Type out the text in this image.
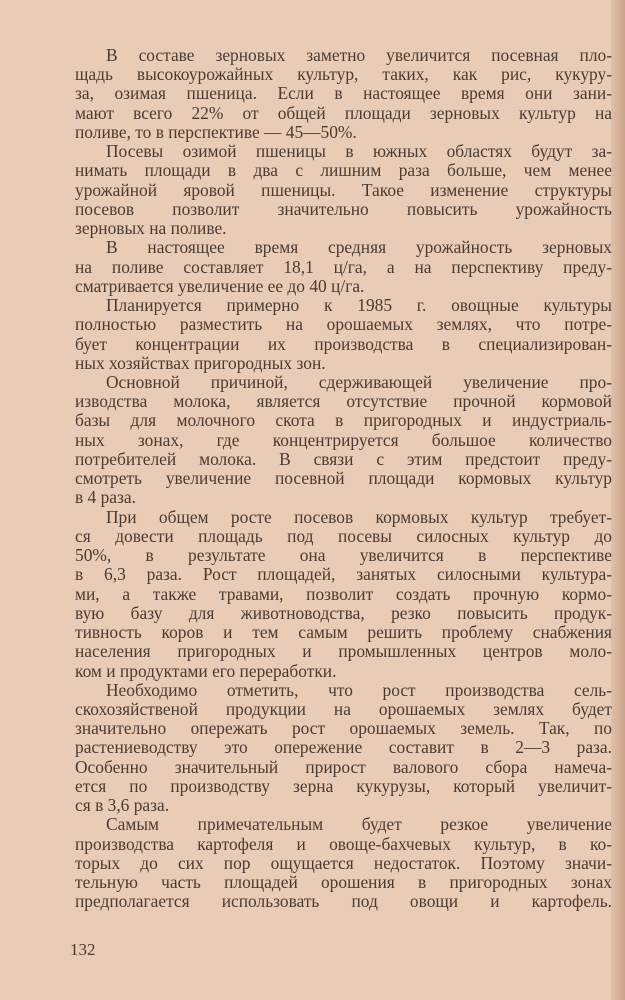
В составе зерновых заметно увеличится посевная пло-
щадь высокоурожайных культур, таких, как рис, кукуру-
за, озимая пшеница. Если в настоящее время они зани-
мают всего 22% от общей площади зерновых культур на
поливе, то в перспективе — 45—50%.
Посевы озимой пшеницы в южных областях будут за-
нимать площади в два с лишним раза больше, чем менее
урожайной яровой пшеницы. Такое изменение структуры
посевов позволит значительно повысить урожайность
зерновых на поливе.
В настоящее время средняя урожайность зерновых
на поливе составляет 18,1 ц/га, а на перспективу преду-
сматривается увеличение ее до 40 ц/га.
Планируется примерно к 1985 г. овощные культуры
полностью разместить на орошаемых землях, что потре-
бует концентрации их производства в специализирован-
ных хозяйствах пригородных зон.
Основной причиной, сдерживающей увеличение про-
изводства молока, является отсутствие прочной кормовой
базы для молочного скота в пригородных и индустриаль-
ных зонах, где концентрируется большое количество
потребителей молока. В связи с этим предстоит преду-
смотреть увеличение посевной площади кормовых культур
в 4 раза.
При общем росте посевов кормовых культур требует-
ся довести площадь под посевы силосных культур до
50%, в результате она увеличится в перспективе
в 6,3 раза. Рост площадей, занятых силосными культура-
ми, а также травами, позволит создать прочную кормо-
вую базу для животноводства, резко повысить продук-
тивность коров и тем самым решить проблему снабжения
населения пригородных и промышленных центров моло-
ком и продуктами его переработки.
Необходимо отметить, что рост производства сель-
скохозяйственой продукции на орошаемых землях будет
значительно опережать рост орошаемых земель. Так, по
растениеводству это опережение составит в 2—3 раза.
Особенно значительный прирост валового сбора намеча-
ется по производству зерна кукурузы, который увеличит-
ся в 3,6 раза.
Самым примечательным будет резкое увеличение
производства картофеля и овоще-бахчевых культур, в ко-
торых до сих пор ощущается недостаток. Поэтому значи-
тельную часть площадей орошения в пригородных зонах
предполагается использовать под овощи и картофель.
132
